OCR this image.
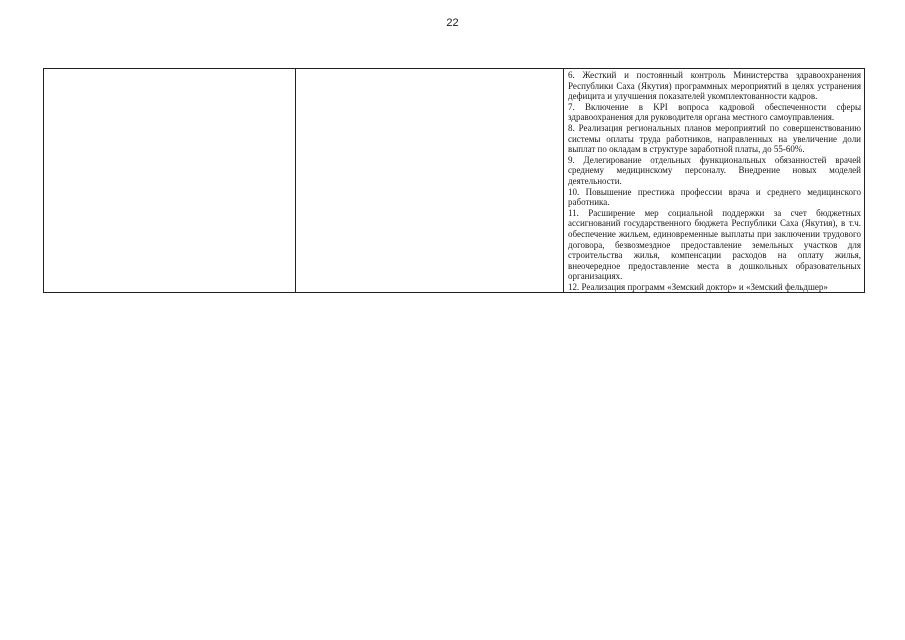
22

6. Жесткий и постоянный контроль Министерства здравоохранения Республики Саха (Якутия) программных мероприятий в целях устранения дефицита и улучшения показателей укомплектованности кадров.

7. Включение в KPI вопроса кадровой обеспеченности сферы здравоохранения для руководителя органа местного самоуправления.

8. Реализация региональных планов мероприятий по совершенствованию системы оплаты труда работников, направленных на увеличение доли выплат по окладам в структуре заработной платы, до 55-60%.

9. Делегирование отдельных функциональных обязанностей врачей среднему медицинскому персоналу. Внедрение новых моделей деятельности.

10. Повышение престижа профессии врача и среднего медицинского работника.

11. Расширение мер социальной поддержки за счет бюджетных ассигнований государственного бюджета Республики Саха (Якутия), в т.ч. обеспечение жильем, единовременные выплаты при заключении трудового договора, безвозмездное предоставление земельных участков для строительства жилья, компенсации расходов на оплату жилья, внеочередное предоставление места в дошкольных образовательных организациях.

12. Реализация программ «Земский доктор» и «Земский фельдшер»
